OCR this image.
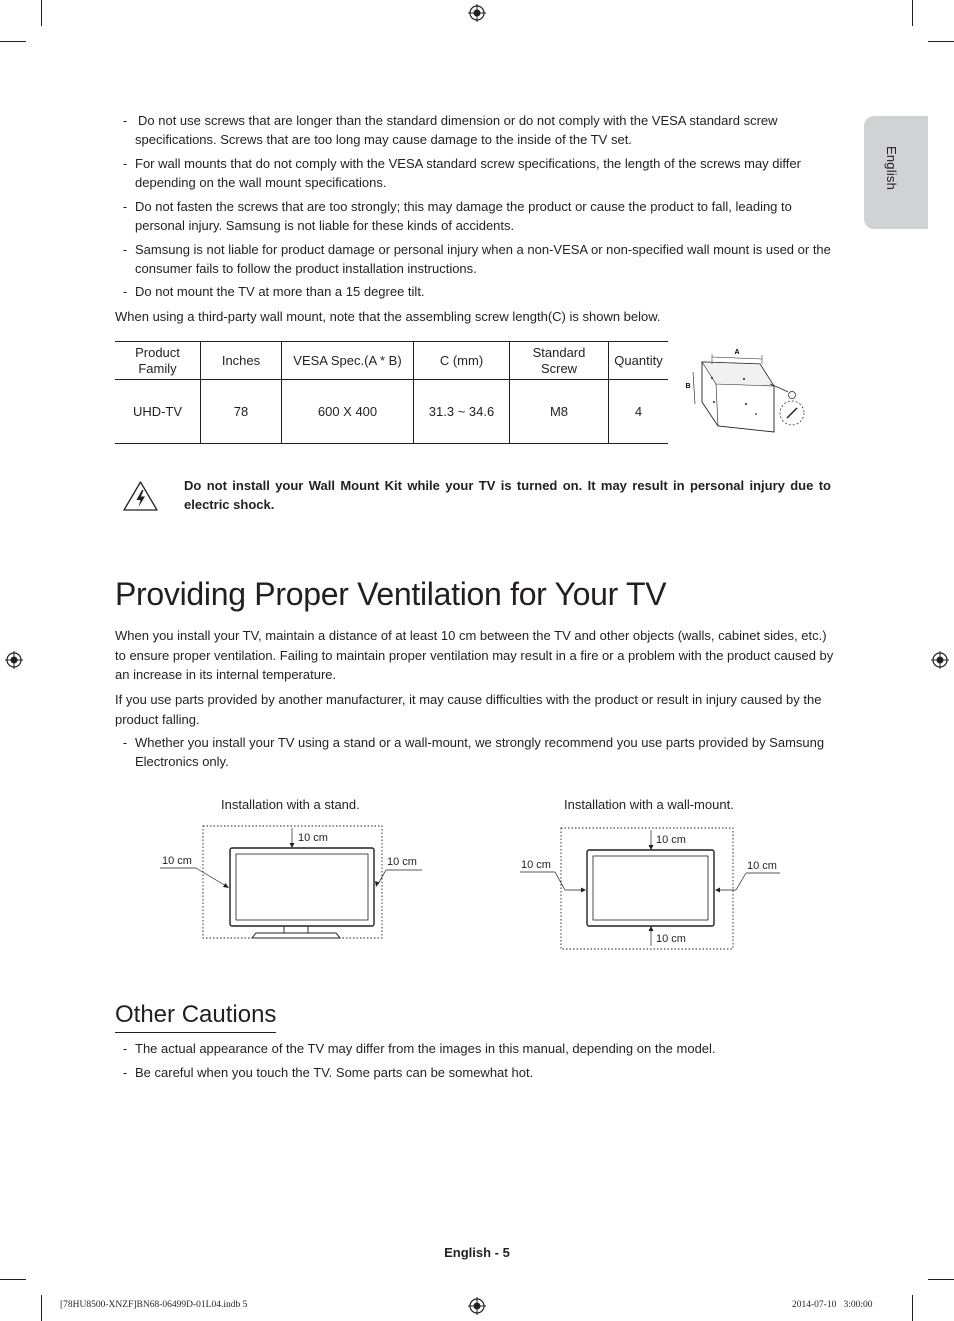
English
- Do not use screws that are longer than the standard dimension or do not comply with the VESA standard screw specifications. Screws that are too long may cause damage to the inside of the TV set.
- For wall mounts that do not comply with the VESA standard screw specifications, the length of the screws may differ depending on the wall mount specifications.
- Do not fasten the screws that are too strongly; this may damage the product or cause the product to fall, leading to personal injury. Samsung is not liable for these kinds of accidents.
- Samsung is not liable for product damage or personal injury when a non-VESA or non-specified wall mount is used or the consumer fails to follow the product installation instructions.
- Do not mount the TV at more than a 15 degree tilt.
When using a third-party wall mount, note that the assembling screw length(C) is shown below.
Product Family	Inches	VESA Spec.(A * B)	C (mm)	Standard Screw	Quantity
UHD-TV	78	600 X 400	31.3 ~ 34.6	M8	4
A
B
Do not install your Wall Mount Kit while your TV is turned on. It may result in personal injury due to electric shock.
Providing Proper Ventilation for Your TV
When you install your TV, maintain a distance of at least 10 cm between the TV and other objects (walls, cabinet sides, etc.) to ensure proper ventilation. Failing to maintain proper ventilation may result in a fire or a problem with the product caused by an increase in its internal temperature.
If you use parts provided by another manufacturer, it may cause difficulties with the product or result in injury caused by the product falling.
- Whether you install your TV using a stand or a wall-mount, we strongly recommend you use parts provided by Samsung Electronics only.
Installation with a stand.
10 cm
10 cm	10 cm
Installation with a wall-mount.
10 cm
10 cm
10 cm	10 cm
Other Cautions
- The actual appearance of the TV may differ from the images in this manual, depending on the model.
- Be careful when you touch the TV. Some parts can be somewhat hot.
English - 5
[78HU8500-XNZF]BN68-06499D-01L04.indb 5	2014-07-10   3:00:00
